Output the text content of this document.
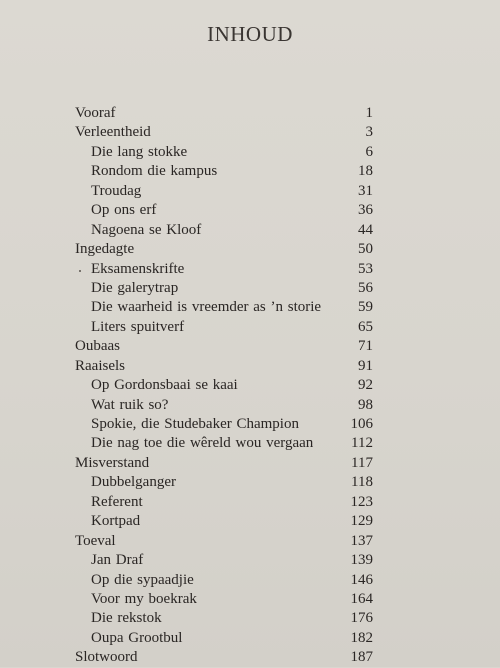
INHOUD
Vooraf	1
Verleentheid	3
Die lang stokke	6
Rondom die kampus	18
Troudag	31
Op ons erf	36
Nagoena se Kloof	44
Ingedagte	50
Eksamenskrifte	53
Die galerytrap	56
Die waarheid is vreemder as ’n storie 59
Liters spuitverf	65
Oubaas	71
Raaisels	91
Op Gordonsbaai se kaai	92
Wat ruik so?	98
Spokie, die Studebaker Champion	106
Die nag toe die wêreld wou vergaan	112
Misverstand	117
Dubbelganger	118
Referent	123
Kortpad	129
Toeval	137
Jan Draf	139
Op die sypaadjie	146
Voor my boekrak	164
Die rekstok	176
Oupa Grootbul	182
Slotwoord	187
